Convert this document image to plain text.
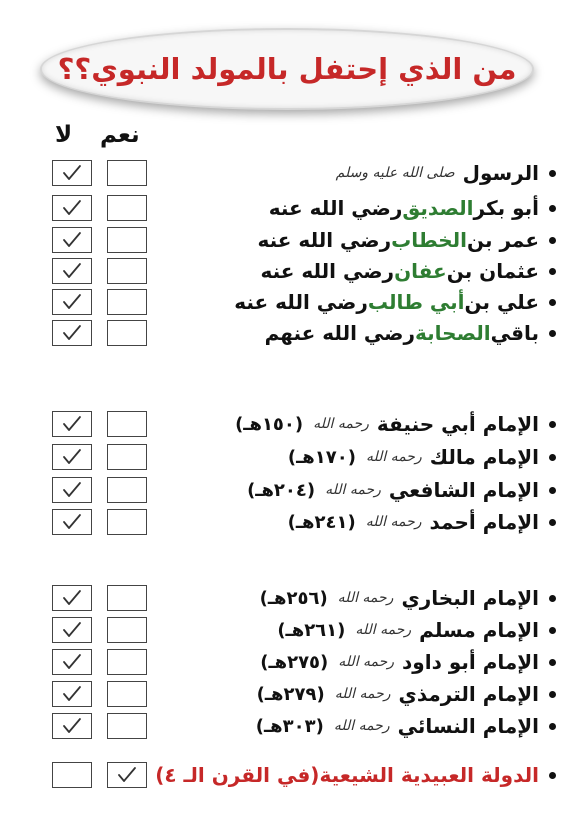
من الذي إحتفل بالمولد النبوي؟؟
نعم
لا
الرسول
صلى الله عليه وسلم
أبو بكر
الصديق
رضي الله عنه
عمر بن
الخطاب
رضي الله عنه
عثمان بن
عفان
رضي الله عنه
علي بن
أبي طالب
رضي الله عنه
باقي
الصحابة
رضي الله عنهم
الإمام أبي حنيفة
رحمه الله
(١٥٠هـ)
الإمام مالك
رحمه الله
(١٧٠هـ)
الإمام الشافعي
رحمه الله
(٢٠٤هـ)
الإمام أحمد
رحمه الله
(٢٤١هـ)
الإمام البخاري
رحمه الله
(٢٥٦هـ)
الإمام مسلم
رحمه الله
(٢٦١هـ)
الإمام أبو داود
رحمه الله
(٢٧٥هـ)
الإمام الترمذي
رحمه الله
(٢٧٩هـ)
الإمام النسائي
رحمه الله
(٣٠٣هـ)
الدولة العبيدية الشيعية
(في القرن الـ ٤)
